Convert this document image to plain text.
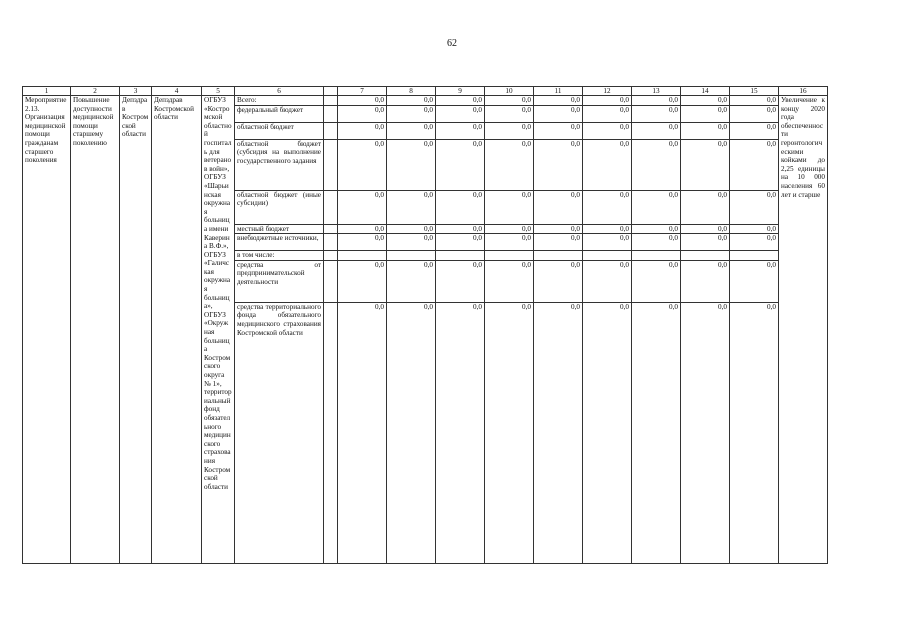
62
1	2	3	4	5	6		7	8	9	10	11	12	13	14	15	16
Мероприятие 2.13. Организация медицинской помощи гражданам старшего поколения	Повышение доступности медицинской помощи старшему поколению	Депздрав Костромской области	Депздрав Костромской области	ОГБУЗ «Костромской областной госпиталь для ветеранов войн», ОГБУЗ «Шарьинская окружная больница имени Каверина В.Ф.», ОГБУЗ «Галичская окружная больница», ОГБУЗ «Окружная больница Костромского округа № 1», территориальный фонд обязательного медицинского страхования Костромской области	Всего:		0,0	0,0	0,0	0,0	0,0	0,0	0,0	0,0	0,0	Увеличение к концу 2020 года обеспеченности геронтологическими койками до 2,25 единицы на 10 000 населения 60 лет и старше
					федеральный бюджет		0,0	0,0	0,0	0,0	0,0	0,0	0,0	0,0	0,0	
					областной бюджет		0,0	0,0	0,0	0,0	0,0	0,0	0,0	0,0	0,0	
					областной бюджет (субсидия на выполнение государственного задания		0,0	0,0	0,0	0,0	0,0	0,0	0,0	0,0	0,0	
					областной бюджет (иные субсидии)		0,0	0,0	0,0	0,0	0,0	0,0	0,0	0,0	0,0	
					местный бюджет		0,0	0,0	0,0	0,0	0,0	0,0	0,0	0,0	0,0	
					внебюджетные источники,		0,0	0,0	0,0	0,0	0,0	0,0	0,0	0,0	0,0	
					в том числе:											
					средства от предпринимательской деятельности		0,0	0,0	0,0	0,0	0,0	0,0	0,0	0,0	0,0	
					средства территориального фонда обязательного медицинского страхования Костромской области		0,0	0,0	0,0	0,0	0,0	0,0	0,0	0,0	0,0	
